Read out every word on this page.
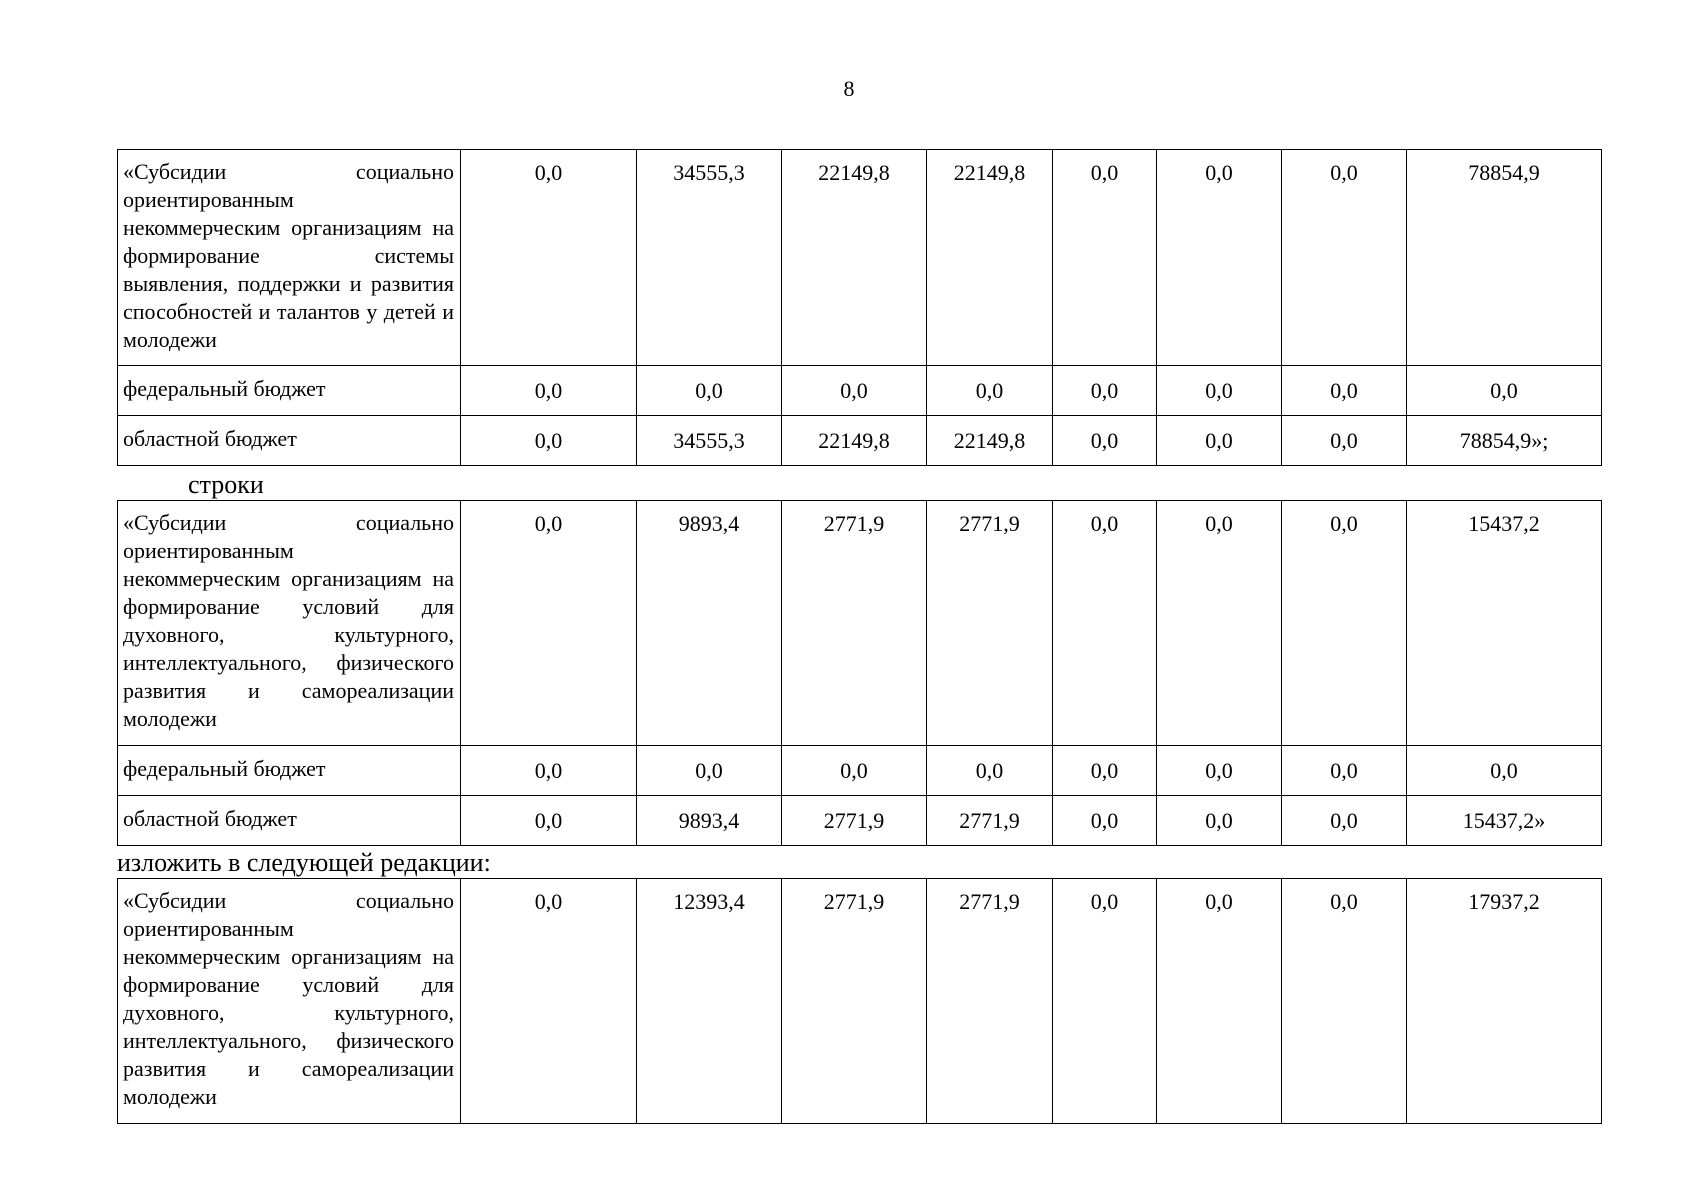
8
«Субсидии социально ориентированным некоммерческим организациям на формирование системы выявления, поддержки и развития способностей и талантов у детей и молодежи	0,0	34555,3	22149,8	22149,8	0,0	0,0	0,0	78854,9
федеральный бюджет	0,0	0,0	0,0	0,0	0,0	0,0	0,0	0,0
областной бюджет	0,0	34555,3	22149,8	22149,8	0,0	0,0	0,0	78854,9»;
строки
«Субсидии социально ориентированным некоммерческим организациям на формирование условий для духовного, культурного, интеллектуального, физического развития и самореализации молодежи	0,0	9893,4	2771,9	2771,9	0,0	0,0	0,0	15437,2
федеральный бюджет	0,0	0,0	0,0	0,0	0,0	0,0	0,0	0,0
областной бюджет	0,0	9893,4	2771,9	2771,9	0,0	0,0	0,0	15437,2»
изложить в следующей редакции:
«Субсидии социально ориентированным некоммерческим организациям на формирование условий для духовного, культурного, интеллектуального, физического развития и самореализации молодежи	0,0	12393,4	2771,9	2771,9	0,0	0,0	0,0	17937,2
